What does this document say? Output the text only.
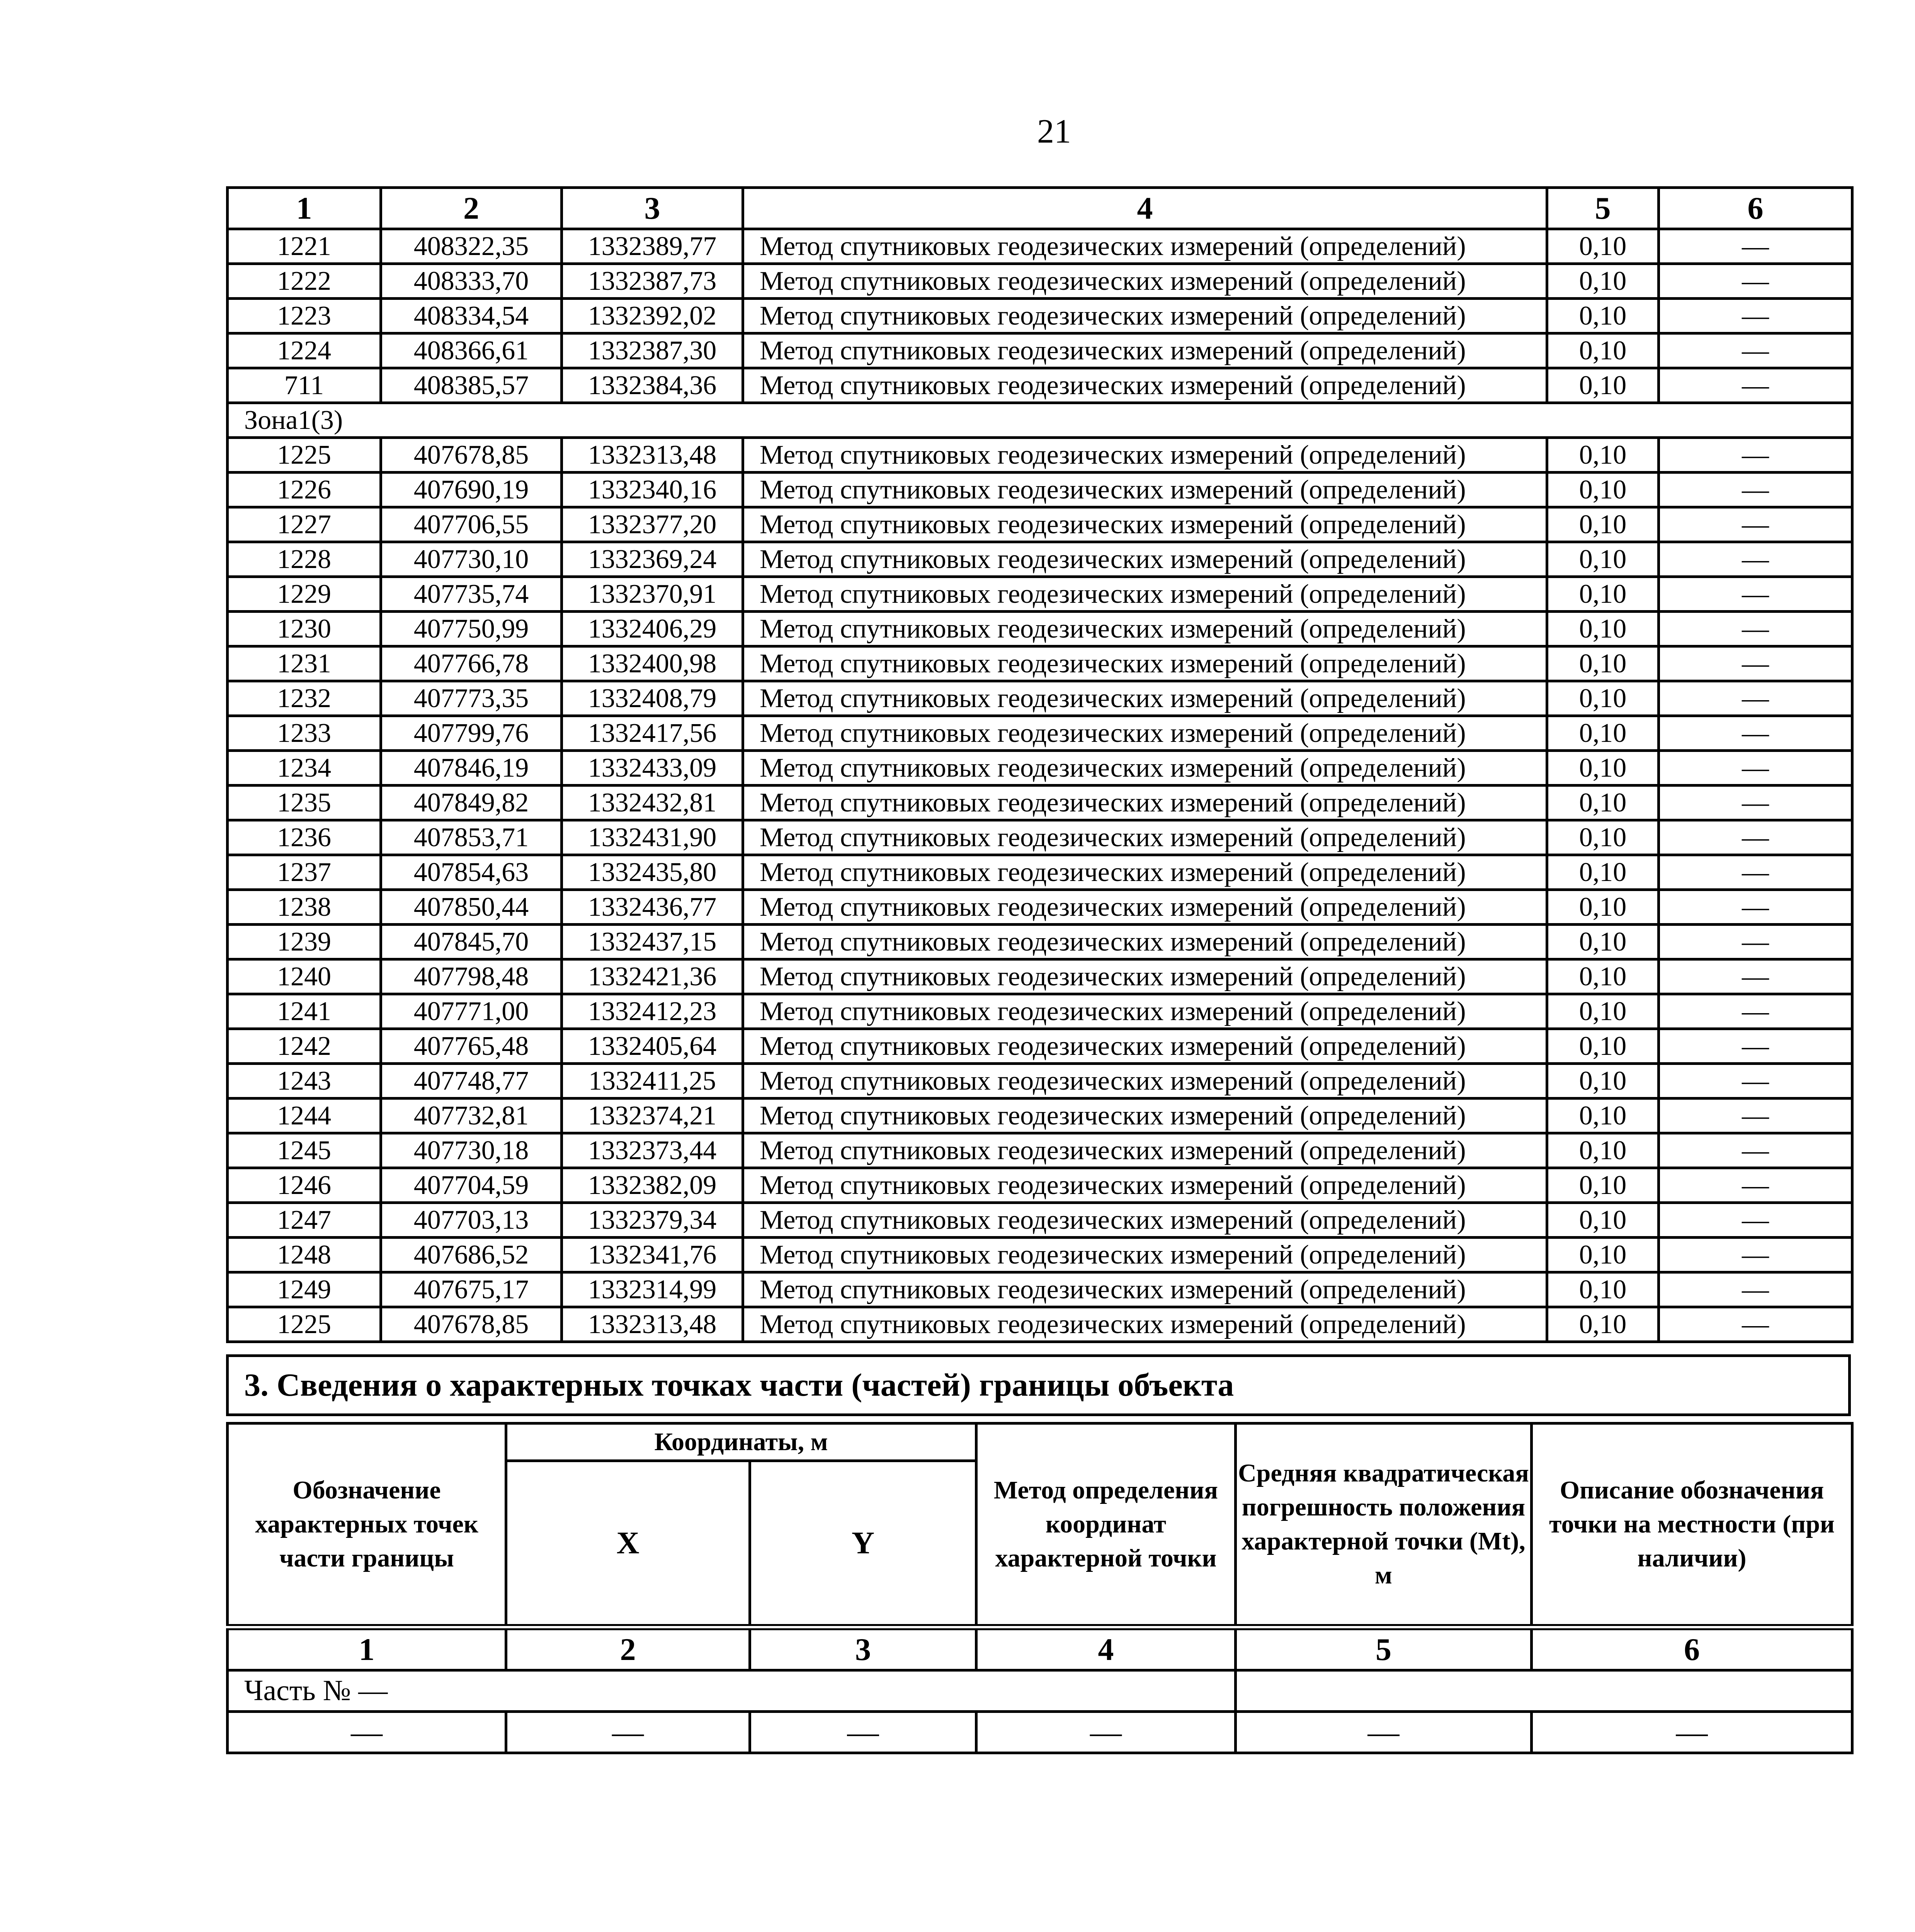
21
1	2	3	4	5	6
1221	408322,35	1332389,77	Метод спутниковых геодезических измерений (определений)	0,10	—
1222	408333,70	1332387,73	Метод спутниковых геодезических измерений (определений)	0,10	—
1223	408334,54	1332392,02	Метод спутниковых геодезических измерений (определений)	0,10	—
1224	408366,61	1332387,30	Метод спутниковых геодезических измерений (определений)	0,10	—
711	408385,57	1332384,36	Метод спутниковых геодезических измерений (определений)	0,10	—
Зона1(3)					
1225	407678,85	1332313,48	Метод спутниковых геодезических измерений (определений)	0,10	—
1226	407690,19	1332340,16	Метод спутниковых геодезических измерений (определений)	0,10	—
1227	407706,55	1332377,20	Метод спутниковых геодезических измерений (определений)	0,10	—
1228	407730,10	1332369,24	Метод спутниковых геодезических измерений (определений)	0,10	—
1229	407735,74	1332370,91	Метод спутниковых геодезических измерений (определений)	0,10	—
1230	407750,99	1332406,29	Метод спутниковых геодезических измерений (определений)	0,10	—
1231	407766,78	1332400,98	Метод спутниковых геодезических измерений (определений)	0,10	—
1232	407773,35	1332408,79	Метод спутниковых геодезических измерений (определений)	0,10	—
1233	407799,76	1332417,56	Метод спутниковых геодезических измерений (определений)	0,10	—
1234	407846,19	1332433,09	Метод спутниковых геодезических измерений (определений)	0,10	—
1235	407849,82	1332432,81	Метод спутниковых геодезических измерений (определений)	0,10	—
1236	407853,71	1332431,90	Метод спутниковых геодезических измерений (определений)	0,10	—
1237	407854,63	1332435,80	Метод спутниковых геодезических измерений (определений)	0,10	—
1238	407850,44	1332436,77	Метод спутниковых геодезических измерений (определений)	0,10	—
1239	407845,70	1332437,15	Метод спутниковых геодезических измерений (определений)	0,10	—
1240	407798,48	1332421,36	Метод спутниковых геодезических измерений (определений)	0,10	—
1241	407771,00	1332412,23	Метод спутниковых геодезических измерений (определений)	0,10	—
1242	407765,48	1332405,64	Метод спутниковых геодезических измерений (определений)	0,10	—
1243	407748,77	1332411,25	Метод спутниковых геодезических измерений (определений)	0,10	—
1244	407732,81	1332374,21	Метод спутниковых геодезических измерений (определений)	0,10	—
1245	407730,18	1332373,44	Метод спутниковых геодезических измерений (определений)	0,10	—
1246	407704,59	1332382,09	Метод спутниковых геодезических измерений (определений)	0,10	—
1247	407703,13	1332379,34	Метод спутниковых геодезических измерений (определений)	0,10	—
1248	407686,52	1332341,76	Метод спутниковых геодезических измерений (определений)	0,10	—
1249	407675,17	1332314,99	Метод спутниковых геодезических измерений (определений)	0,10	—
1225	407678,85	1332313,48	Метод спутниковых геодезических измерений (определений)	0,10	—
3. Сведения о характерных точках части (частей) границы объекта
Обозначение характерных точек части границы	Координаты, м		Метод определения координат характерной точки	Средняя квадратическая погрешность положения характерной точки (Mt), м	Описание обозначения точки на местности (при наличии)
	X	Y			
1	2	3	4	5	6
Часть № —					
—	—	—	—	—	—
